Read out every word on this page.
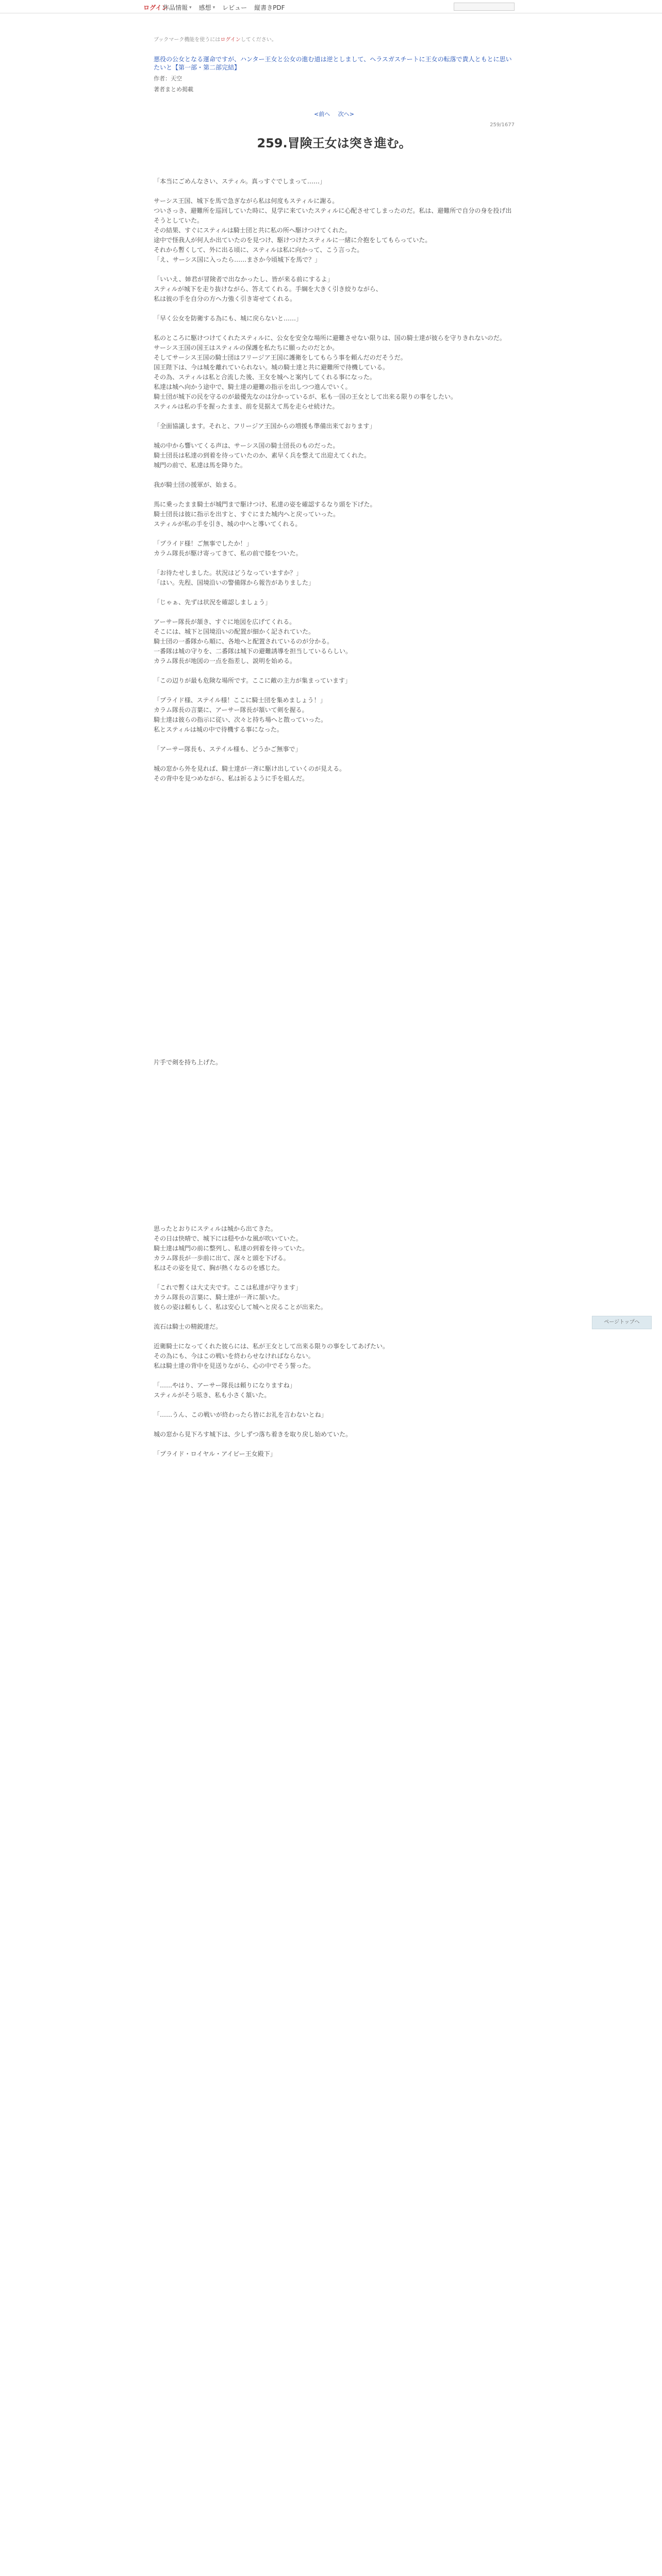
ログイン
作品情報 ▾ 感想 ▾ レビュー 縦書きPDF
ブックマーク機能を使うにはログインしてください。
悪役の公女となる運命ですが、ハンター王女と公女の進む道は逆としまして、ヘラスガスチートに王女の転落で貴人ともとに思いたいと【第一部・第二部完結】
作者：天空
著者まとめ掲載
<前へ 次へ>
259/1677
259.冒険王女は突き進む。

「本当にごめんなさい、スティル。真っすぐでしまって……」

サーシス王国、城下を馬で急ぎながら私は何度もスティルに謝る。

ついさっき、避難所を巡回していた時に、見学に来ていたスティルに心配させてしまったのだ。私は、避難所で自分の身を投げ出そうとしていた。

その結果、すぐにスティルは騎士団と共に私の所へ駆けつけてくれた。

途中で怪我人が何人か出ていたのを見つけ、駆けつけたスティルに一緒に介抱をしてもらっていた。

それから暫くして、外に出る頃に、スティルは私に向かって、こう言った。

「え、サーシス国に入ったら……まさか今頃城下を馬で？」

「いいえ、姉君が冒険者で出なかったし、皆が来る前にするよ」

スティルが城下を走り抜けながら、答えてくれる。手綱を大きく引き絞りながら、

私は彼の手を自分の方へ力強く引き寄せてくれる。

「早く公女を防衛する為にも、城に戻らないと……」

私のところに駆けつけてくれたスティルに、公女を安全な場所に避難させない限りは、国の騎士達が彼らを守りきれないのだ。

サーシス王国の国王はスティルの保護を私たちに願ったのだとか。

そしてサーシス王国の騎士団はフリージア王国に護衛をしてもらう事を頼んだのだそうだ。

国王陛下は、今は城を離れていられない。城の騎士達と共に避難所で待機している。

その為、スティルは私と合流した後、王女を城へと案内してくれる事になった。

私達は城へ向かう途中で、騎士達の避難の指示を出しつつ進んでいく。

騎士団が城下の民を守るのが最優先なのは分かっているが、私も一国の王女として出来る限りの事をしたい。

スティルは私の手を握ったまま、前を見据えて馬を走らせ続けた。

「全面協議します。それと、フリージア王国からの増援も準備出来ております」

城の中から響いてくる声は、サーシス国の騎士団長のものだった。

騎士団長は私達の到着を待っていたのか、素早く兵を整えて出迎えてくれた。

城門の前で、私達は馬を降りた。

我が騎士団の援軍が、始まる。

馬に乗ったまま騎士が城門まで駆けつけ、私達の姿を確認するなり頭を下げた。

騎士団長は彼に指示を出すと、すぐにまた城内へと戻っていった。

スティルが私の手を引き、城の中へと導いてくれる。

「プライド様！ご無事でしたか！」

カラム隊長が駆け寄ってきて、私の前で膝をついた。

「お待たせしました。状況はどうなっていますか？」

「はい。先程、国境沿いの警備隊から報告がありました」

「じゃぁ、先ずは状況を確認しましょう」

アーサー隊長が頷き、すぐに地図を広げてくれる。

そこには、城下と国境沿いの配置が細かく記されていた。

騎士団の一番隊から順に、各地へと配置されているのが分かる。

一番隊は城の守りを、二番隊は城下の避難誘導を担当しているらしい。

カラム隊長が地図の一点を指差し、説明を始める。

「この辺りが最も危険な場所です。ここに敵の主力が集まっています」

「プライド様、ステイル様！ここに騎士団を集めましょう！」

カラム隊長の言葉に、アーサー隊長が頷いて剣を握る。

騎士達は彼らの指示に従い、次々と持ち場へと散っていった。

私とスティルは城の中で待機する事になった。

「アーサー隊長も、ステイル様も、どうかご無事で」

城の窓から外を見れば、騎士達が一斉に駆け出していくのが見える。

その背中を見つめながら、私は祈るように手を組んだ。

片手で剣を持ち上げた。

思ったとおりにスティルは城から出てきた。

その日は快晴で、城下には穏やかな風が吹いていた。

騎士達は城門の前に整列し、私達の到着を待っていた。

カラム隊長が一歩前に出て、深々と頭を下げる。

私はその姿を見て、胸が熱くなるのを感じた。

「これで暫くは大丈夫です。ここは私達が守ります」

カラム隊長の言葉に、騎士達が一斉に頷いた。

彼らの姿は頼もしく、私は安心して城へと戻ることが出来た。

流石は騎士の精鋭達だ。

近衛騎士になってくれた彼らには、私が王女として出来る限りの事をしてあげたい。

その為にも、今はこの戦いを終わらせなければならない。

私は騎士達の背中を見送りながら、心の中でそう誓った。

「……やはり、アーサー隊長は頼りになりますね」

スティルがそう呟き、私も小さく頷いた。

「……うん、この戦いが終わったら皆にお礼を言わないとね」

城の窓から見下ろす城下は、少しずつ落ち着きを取り戻し始めていた。

「プライド・ロイヤル・アイビー王女殿下」

ページトップへ
